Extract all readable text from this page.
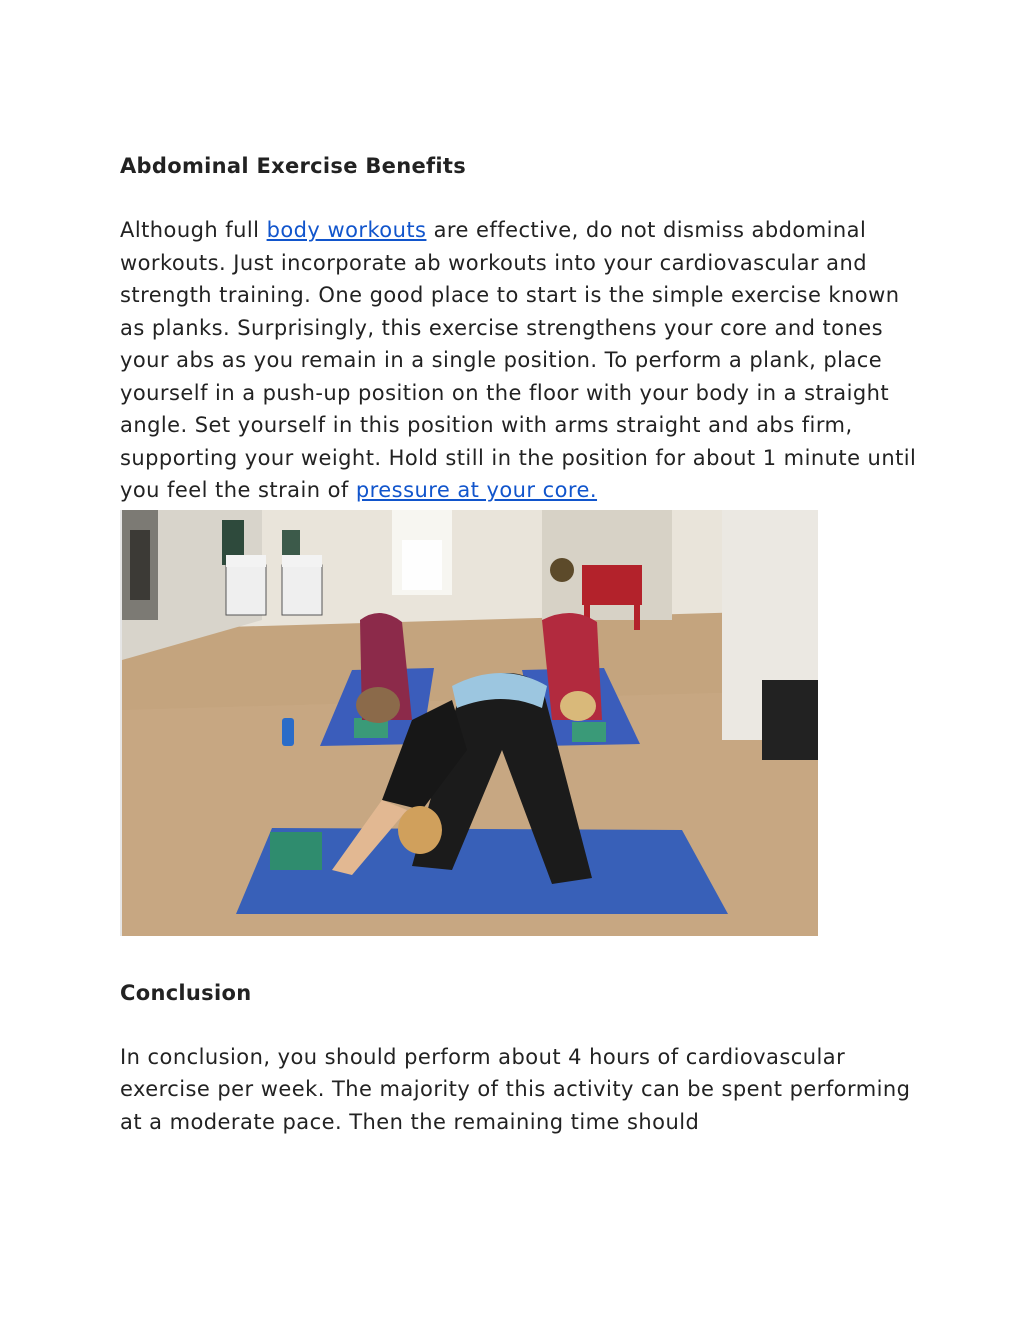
Abdominal Exercise Benefits

Although full body workouts are effective, do not dismiss abdominal workouts. Just incorporate ab workouts into your cardiovascular and strength training. One good place to start is the simple exercise known as planks. Surprisingly, this exercise strengthens your core and tones your abs as you remain in a single position. To perform a plank, place yourself in a push-up position on the floor with your body in a straight angle. Set yourself in this position with arms straight and abs firm, supporting your weight. Hold still in the position for about 1 minute until you feel the strain of pressure at your core.

Conclusion

In conclusion, you should perform about 4 hours of cardiovascular exercise per week. The majority of this activity can be spent performing at a moderate pace. Then the remaining time should
